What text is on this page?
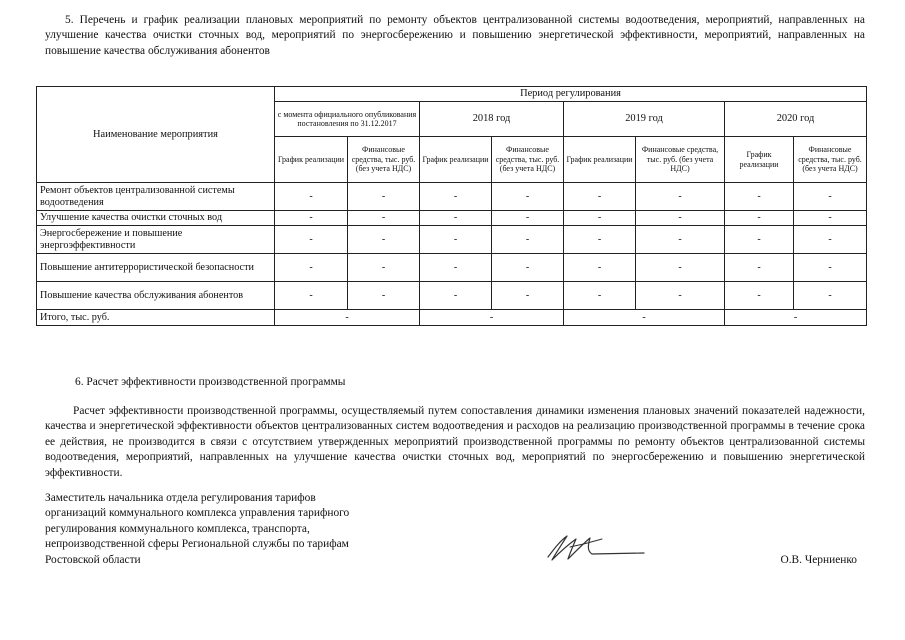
5. Перечень и график реализации плановых мероприятий по ремонту объектов централизованной системы водоотведения, мероприятий, направленных на улучшение качества очистки сточных вод, мероприятий по энергосбережению и повышению энергетической эффективности, мероприятий, направленных на повышение качества обслуживания абонентов
Наименование мероприятия	Период регулирования							
	с момента официального опубликования постановления по 31.12.2017		2018 год		2019 год		2020 год	
	График реализации	Финансовые средства, тыс. руб. (без учета НДС)	График реализации	Финансовые средства, тыс. руб. (без учета НДС)	График реализации	Финансовые средства, тыс. руб. (без учета НДС)	График реализации	Финансовые средства, тыс. руб. (без учета НДС)
Ремонт объектов централизованной системы водоотведения	-	-	-	-	-	-	-	-
Улучшение качества очистки сточных вод	-	-	-	-	-	-	-	-
Энергосбережение и повышение энергоэффективности	-	-	-	-	-	-	-	-
Повышение антитеррористической безопасности	-	-	-	-	-	-	-	-
Повышение качества обслуживания абонентов	-	-	-	-	-	-	-	-
Итого, тыс. руб.	-		-		-		-	
6. Расчет эффективности производственной программы
Расчет эффективности производственной программы, осуществляемый путем сопоставления динамики изменения плановых значений показателей надежности, качества и энергетической эффективности объектов централизованных систем водоотведения и расходов на реализацию производственной программы в течение срока ее действия, не производится в связи с отсутствием утвержденных мероприятий производственной программы по ремонту объектов централизованной системы водоотведения, мероприятий, направленных на улучшение качества очистки сточных вод, мероприятий по энергосбережению и повышению энергетической эффективности.
Заместитель начальника отдела регулирования тарифов организаций коммунального комплекса управления тарифного регулирования коммунального комплекса, транспорта, непроизводственной сферы Региональной службы по тарифам Ростовской области	О.В. Черниенко
